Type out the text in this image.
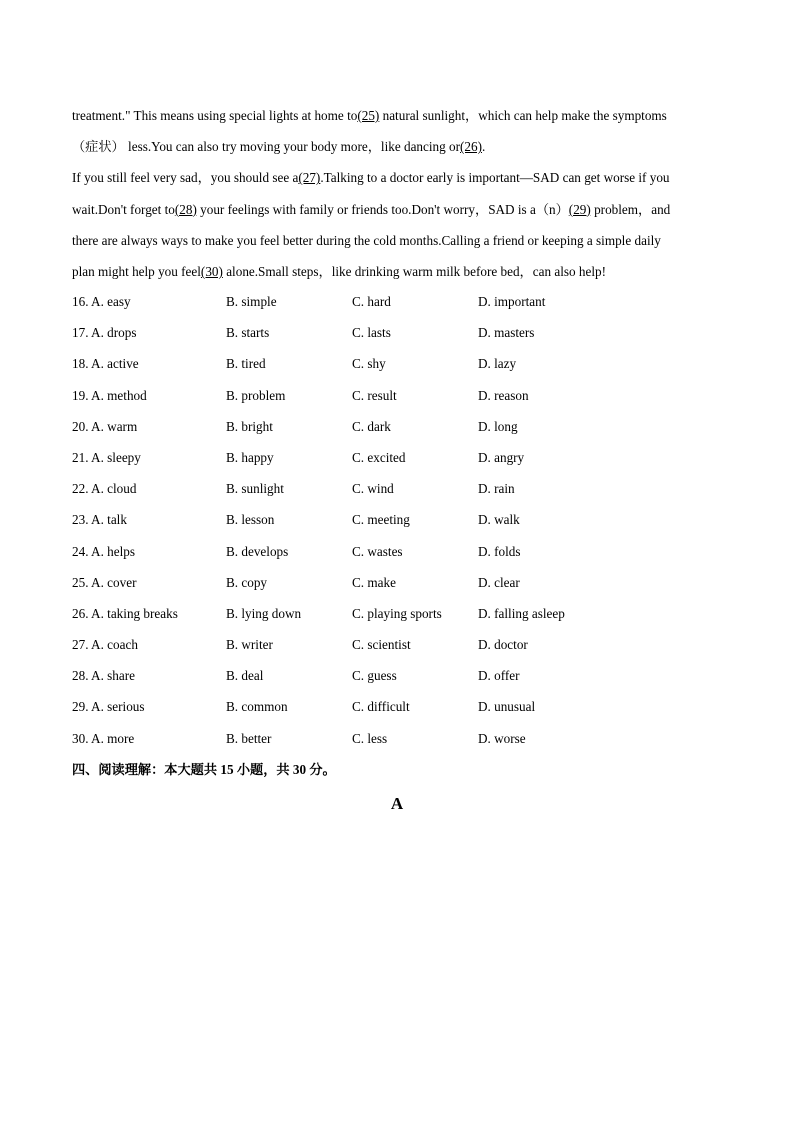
treatment." This means using special lights at home to(25) natural sunlight，which can help make the symptoms

（症状） less.You can also try moving your body more，like dancing or(26).

If you still feel very sad，you should see a(27).Talking to a doctor early is important—SAD can get worse if you

wait.Don't forget to(28) your feelings with family or friends too.Don't worry，SAD is a（n）(29) problem，and

there are always ways to make you feel better during the cold months.Calling a friend or keeping a simple daily

plan might help you feel(30) alone.Small steps，like drinking warm milk before bed，can also help!

16. A. easy	B. simple	C. hard	D. important
17. A. drops	B. starts	C. lasts	D. masters
18. A. active	B. tired	C. shy	D. lazy
19. A. method	B. problem	C. result	D. reason
20. A. warm	B. bright	C. dark	D. long
21. A. sleepy	B. happy	C. excited	D. angry
22. A. cloud	B. sunlight	C. wind	D. rain
23. A. talk	B. lesson	C. meeting	D. walk
24. A. helps	B. develops	C. wastes	D. folds
25. A. cover	B. copy	C. make	D. clear
26. A. taking breaks	B. lying down	C. playing sports	D. falling asleep
27. A. coach	B. writer	C. scientist	D. doctor
28. A. share	B. deal	C. guess	D. offer
29. A. serious	B. common	C. difficult	D. unusual
30. A. more	B. better	C. less	D. worse
四、阅读理解：本大题共 15 小题，共 30 分。
A
